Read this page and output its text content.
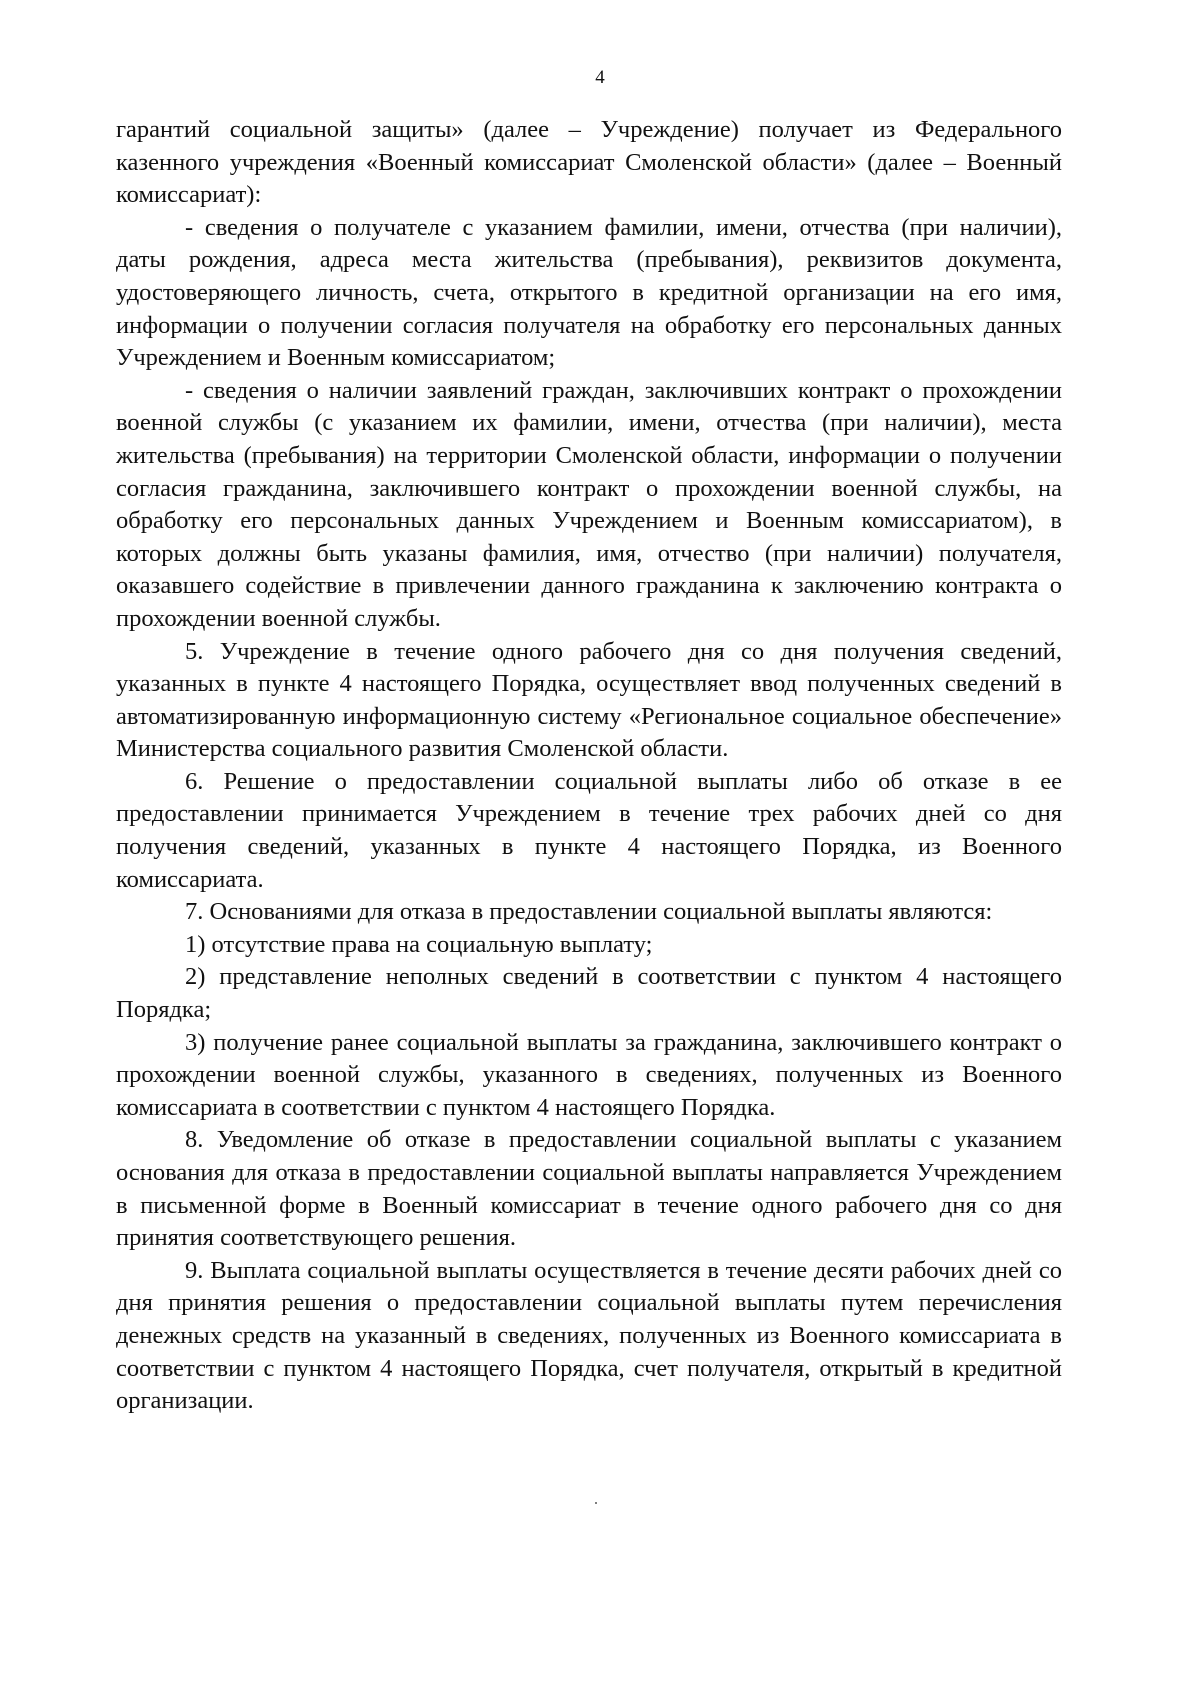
4

гарантий социальной защиты» (далее – Учреждение) получает из Федерального казенного учреждения «Военный комиссариат Смоленской области» (далее – Военный комиссариат):

- сведения о получателе с указанием фамилии, имени, отчества (при наличии), даты рождения, адреса места жительства (пребывания), реквизитов документа, удостоверяющего личность, счета, открытого в кредитной организации на его имя, информации о получении согласия получателя на обработку его персональных данных Учреждением и Военным комиссариатом;

- сведения о наличии заявлений граждан, заключивших контракт о прохождении военной службы (с указанием их фамилии, имени, отчества (при наличии), места жительства (пребывания) на территории Смоленской области, информации о получении согласия гражданина, заключившего контракт о прохождении военной службы, на обработку его персональных данных Учреждением и Военным комиссариатом), в которых должны быть указаны фамилия, имя, отчество (при наличии) получателя, оказавшего содействие в привлечении данного гражданина к заключению контракта о прохождении военной службы.

5. Учреждение в течение одного рабочего дня со дня получения сведений, указанных в пункте 4 настоящего Порядка, осуществляет ввод полученных сведений в автоматизированную информационную систему «Региональное социальное обеспечение» Министерства социального развития Смоленской области.

6. Решение о предоставлении социальной выплаты либо об отказе в ее предоставлении принимается Учреждением в течение трех рабочих дней со дня получения сведений, указанных в пункте 4 настоящего Порядка, из Военного комиссариата.

7. Основаниями для отказа в предоставлении социальной выплаты являются:

1) отсутствие права на социальную выплату;

2) представление неполных сведений в соответствии с пунктом 4 настоящего Порядка;

3) получение ранее социальной выплаты за гражданина, заключившего контракт о прохождении военной службы, указанного в сведениях, полученных из Военного комиссариата в соответствии с пунктом 4 настоящего Порядка.

8. Уведомление об отказе в предоставлении социальной выплаты с указанием основания для отказа в предоставлении социальной выплаты направляется Учреждением в письменной форме в Военный комиссариат в течение одного рабочего дня со дня принятия соответствующего решения.

9. Выплата социальной выплаты осуществляется в течение десяти рабочих дней со дня принятия решения о предоставлении социальной выплаты путем перечисления денежных средств на указанный в сведениях, полученных из Военного комиссариата в соответствии с пунктом 4 настоящего Порядка, счет получателя, открытый в кредитной организации.
